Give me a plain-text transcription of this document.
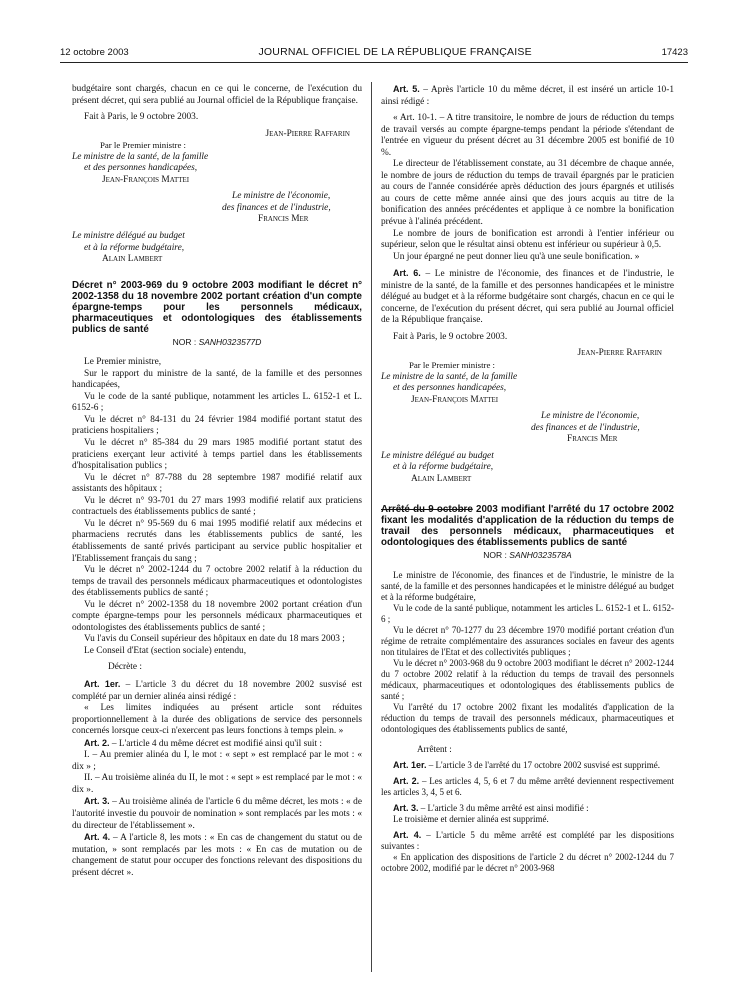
12 octobre 2003	JOURNAL OFFICIEL DE LA RÉPUBLIQUE FRANÇAISE	17423

budgétaire sont chargés, chacun en ce qui le concerne, de l'exécution du présent décret, qui sera publié au Journal officiel de la République française.

Fait à Paris, le 9 octobre 2003.

Jean-Pierre Raffarin
Par le Premier ministre :
Le ministre de la santé, de la famille
et des personnes handicapées,
Jean-François Mattei
Le ministre de l'économie,
des finances et de l'industrie,
Francis Mer
Le ministre délégué au budget
et à la réforme budgétaire,
Alain Lambert
Décret n° 2003-969 du 9 octobre 2003 modifiant le décret n° 2002-1358 du 18 novembre 2002 portant création d'un compte épargne-temps pour les personnels médicaux, pharmaceutiques et odontologiques des établissements publics de santé
NOR : SANH0323577D

Le Premier ministre,

Sur le rapport du ministre de la santé, de la famille et des personnes handicapées,

Vu le code de la santé publique, notamment les articles L. 6152-1 et L. 6152-6 ;

Vu le décret n° 84-131 du 24 février 1984 modifié portant statut des praticiens hospitaliers ;

Vu le décret n° 85-384 du 29 mars 1985 modifié portant statut des praticiens exerçant leur activité à temps partiel dans les établissements d'hospitalisation publics ;

Vu le décret n° 87-788 du 28 septembre 1987 modifié relatif aux assistants des hôpitaux ;

Vu le décret n° 93-701 du 27 mars 1993 modifié relatif aux praticiens contractuels des établissements publics de santé ;

Vu le décret n° 95-569 du 6 mai 1995 modifié relatif aux médecins et pharmaciens recrutés dans les établissements publics de santé, les établissements de santé privés participant au service public hospitalier et l'Etablissement français du sang ;

Vu le décret n° 2002-1244 du 7 octobre 2002 relatif à la réduction du temps de travail des personnels médicaux pharmaceutiques et odontologistes des établissements publics de santé ;

Vu le décret n° 2002-1358 du 18 novembre 2002 portant création d'un compte épargne-temps pour les personnels médicaux pharmaceutiques et odontologistes des établissements publics de santé ;

Vu l'avis du Conseil supérieur des hôpitaux en date du 18 mars 2003 ;

Le Conseil d'Etat (section sociale) entendu,

Décrète :

Art. 1er. – L'article 3 du décret du 18 novembre 2002 susvisé est complété par un dernier alinéa ainsi rédigé :

« Les limites indiquées au présent article sont réduites proportionnellement à la durée des obligations de service des personnels concernés lorsque ceux-ci n'exercent pas leurs fonctions à temps plein. »

Art. 2. – L'article 4 du même décret est modifié ainsi qu'il suit :

I. – Au premier alinéa du I, le mot : « sept » est remplacé par le mot : « dix » ;

II. – Au troisième alinéa du II, le mot : « sept » est remplacé par le mot : « dix ».

Art. 3. – Au troisième alinéa de l'article 6 du même décret, les mots : « de l'autorité investie du pouvoir de nomination » sont remplacés par les mots : « du directeur de l'établissement ».

Art. 4. – A l'article 8, les mots : « En cas de changement du statut ou de mutation, » sont remplacés par les mots : « En cas de mutation ou de changement de statut pour occuper des fonctions relevant des dispositions du présent décret ».

Art. 5. – Après l'article 10 du même décret, il est inséré un article 10-1 ainsi rédigé :

« Art. 10-1. – A titre transitoire, le nombre de jours de réduction du temps de travail versés au compte épargne-temps pendant la période s'étendant de l'entrée en vigueur du présent décret au 31 décembre 2005 est bonifié de 10 %.

Le directeur de l'établissement constate, au 31 décembre de chaque année, le nombre de jours de réduction du temps de travail épargnés par le praticien au cours de l'année considérée après déduction des jours épargnés et utilisés au cours de cette même année ainsi que des jours acquis au titre de la bonification des années précédentes et applique à ce nombre la bonification prévue à l'alinéa précédent.

Le nombre de jours de bonification est arrondi à l'entier inférieur ou supérieur, selon que le résultat ainsi obtenu est inférieur ou supérieur à 0,5.

Un jour épargné ne peut donner lieu qu'à une seule bonification. »

Art. 6. – Le ministre de l'économie, des finances et de l'industrie, le ministre de la santé, de la famille et des personnes handicapées et le ministre délégué au budget et à la réforme budgétaire sont chargés, chacun en ce qui le concerne, de l'exécution du présent décret, qui sera publié au Journal officiel de la République française.

Fait à Paris, le 9 octobre 2003.

Jean-Pierre Raffarin
Par le Premier ministre :
Le ministre de la santé, de la famille
et des personnes handicapées,
Jean-François Mattei
Le ministre de l'économie,
des finances et de l'industrie,
Francis Mer
Le ministre délégué au budget
et à la réforme budgétaire,
Alain Lambert
Arrêté du 9 octobre 2003 modifiant l'arrêté du 17 octobre 2002 fixant les modalités d'application de la réduction du temps de travail des personnels médicaux, pharmaceutiques et odontologiques des établissements publics de santé
NOR : SANH0323578A

Le ministre de l'économie, des finances et de l'industrie, le ministre de la santé, de la famille et des personnes handicapées et le ministre délégué au budget et à la réforme budgétaire,

Vu le code de la santé publique, notamment les articles L. 6152-1 et L. 6152-6 ;

Vu le décret n° 70-1277 du 23 décembre 1970 modifié portant création d'un régime de retraite complémentaire des assurances sociales en faveur des agents non titulaires de l'Etat et des collectivités publiques ;

Vu le décret n° 2003-968 du 9 octobre 2003 modifiant le décret n° 2002-1244 du 7 octobre 2002 relatif à la réduction du temps de travail des personnels médicaux, pharmaceutiques et odontologiques des établissements publics de santé ;

Vu l'arrêté du 17 octobre 2002 fixant les modalités d'application de la réduction du temps de travail des personnels médicaux, pharmaceutiques et odontologiques des établissements publics de santé,

Arrêtent :

Art. 1er. – L'article 3 de l'arrêté du 17 octobre 2002 susvisé est supprimé.

Art. 2. – Les articles 4, 5, 6 et 7 du même arrêté deviennent respectivement les articles 3, 4, 5 et 6.

Art. 3. – L'article 3 du même arrêté est ainsi modifié :

Le troisième et dernier alinéa est supprimé.

Art. 4. – L'article 5 du même arrêté est complété par les dispositions suivantes :

« En application des dispositions de l'article 2 du décret n° 2002-1244 du 7 octobre 2002, modifié par le décret n° 2003-968
